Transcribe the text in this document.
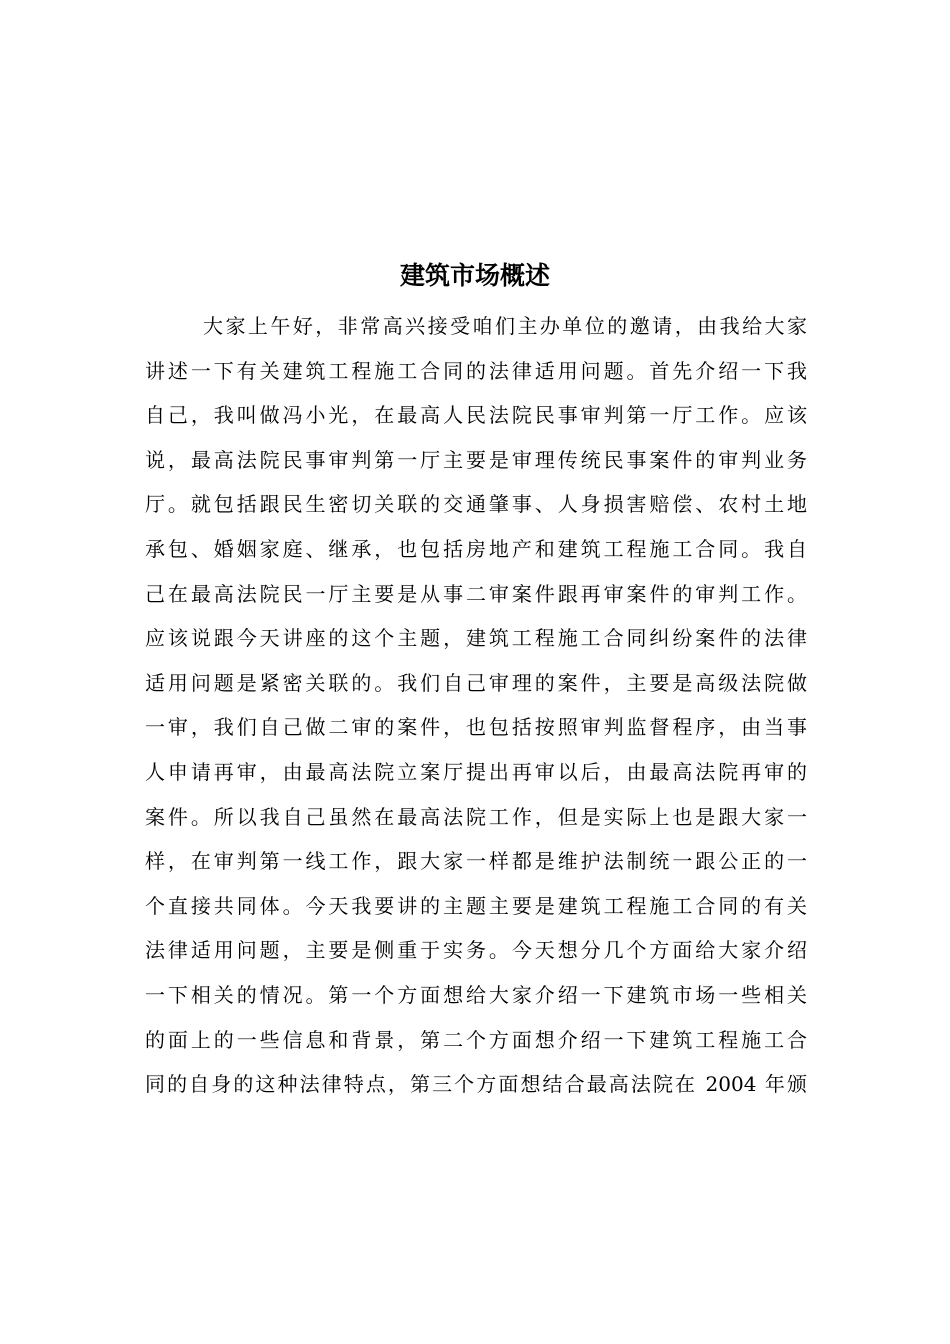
建筑市场概述
大家上午好，非常高兴接受咱们主办单位的邀请，由我给大家
讲述一下有关建筑工程施工合同的法律适用问题。首先介绍一下我
自己，我叫做冯小光，在最高人民法院民事审判第一厅工作。应该
说，最高法院民事审判第一厅主要是审理传统民事案件的审判业务
厅。就包括跟民生密切关联的交通肇事、人身损害赔偿、农村土地
承包、婚姻家庭、继承，也包括房地产和建筑工程施工合同。我自
己在最高法院民一厅主要是从事二审案件跟再审案件的审判工作。
应该说跟今天讲座的这个主题，建筑工程施工合同纠纷案件的法律
适用问题是紧密关联的。我们自己审理的案件，主要是高级法院做
一审，我们自己做二审的案件，也包括按照审判监督程序，由当事
人申请再审，由最高法院立案厅提出再审以后，由最高法院再审的
案件。所以我自己虽然在最高法院工作，但是实际上也是跟大家一
样，在审判第一线工作，跟大家一样都是维护法制统一跟公正的一
个直接共同体。今天我要讲的主题主要是建筑工程施工合同的有关
法律适用问题，主要是侧重于实务。今天想分几个方面给大家介绍
一下相关的情况。第一个方面想给大家介绍一下建筑市场一些相关
的面上的一些信息和背景，第二个方面想介绍一下建筑工程施工合
同的自身的这种法律特点，第三个方面想结合最高法院在 2004 年颁
